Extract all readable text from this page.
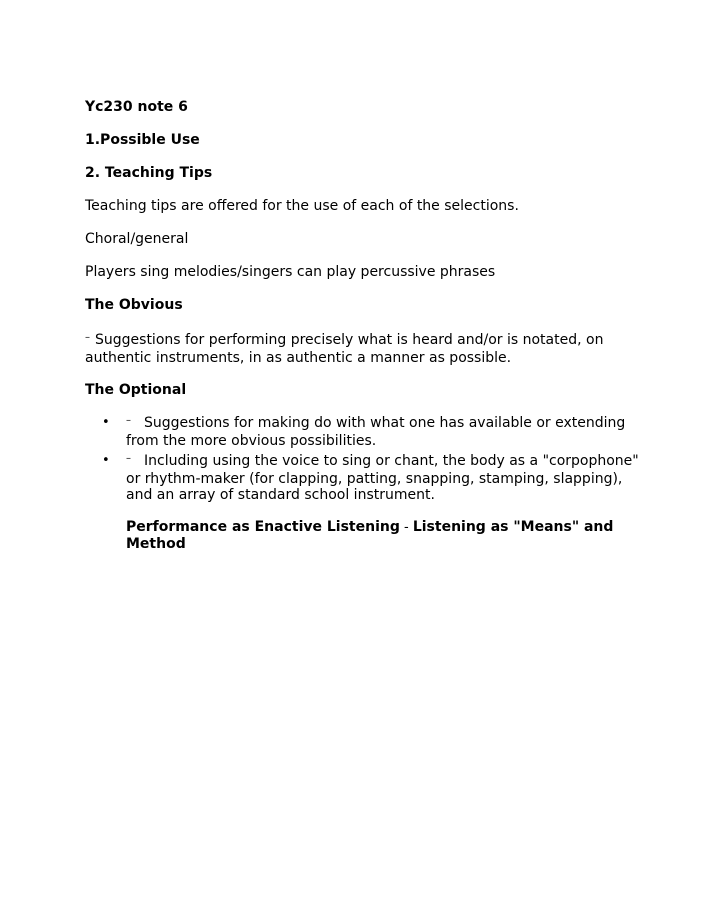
Yc230 note 6

1.Possible Use

2. Teaching Tips

Teaching tips are offered for the use of each of the selections.

Choral/general

Players sing melodies/singers can play percussive phrases

The Obvious

– Suggestions for performing precisely what is heard and/or is notated, on authentic instruments, in as authentic a manner as possible.

The Optional

• – Suggestions for making do with what one has available or extending from the more obvious possibilities.
• – Including using the voice to sing or chant, the body as a "corpophone" or rhythm-maker (for clapping, patting, snapping, stamping, slapping), and an array of standard school instrument.

Performance as Enactive Listening - Listening as "Means" and Method
